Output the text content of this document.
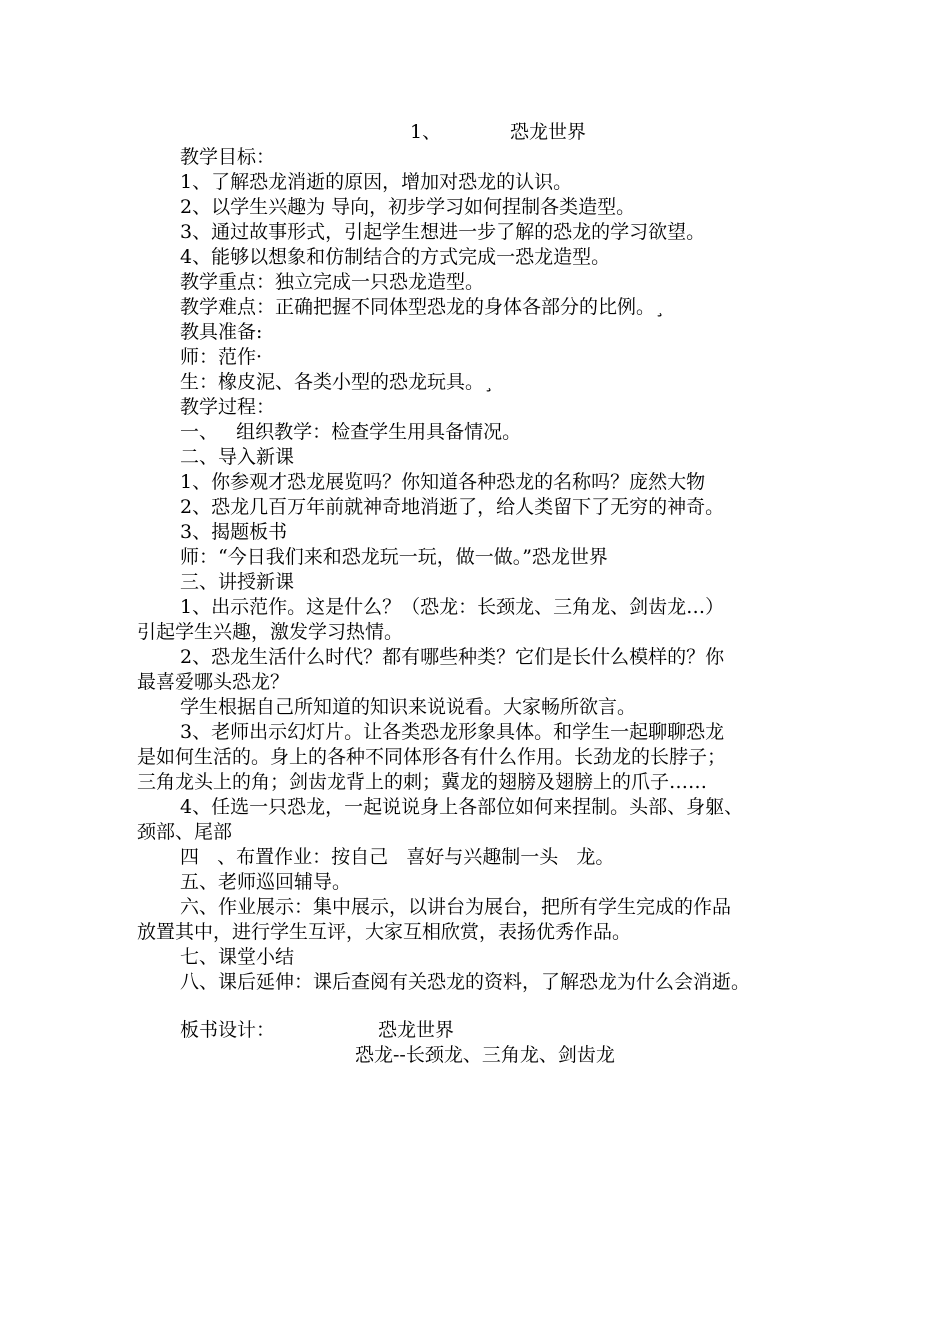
1、	恐龙世界
教学目标：
1、了解恐龙消逝的原因，增加对恐龙的认识。
2、以学生兴趣为 导向，初步学习如何捏制各类造型。
3、通过故事形式，引起学生想进一步了解的恐龙的学习欲望。
4、能够以想象和仿制结合的方式完成一恐龙造型。
教学重点：独立完成一只恐龙造型。
教学难点：正确把握不同体型恐龙的身体各部分的比例。¸
教具准备:
师：范作·
生：橡皮泥、各类小型的恐龙玩具。¸
教学过程：
一、   组织教学：检查学生用具备情况。
二、导入新课
1、你参观才恐龙展览吗？你知道各种恐龙的名称吗？庞然大物
2、恐龙几百万年前就神奇地消逝了，给人类留下了无穷的神奇。
3、揭题板书
师：“今日我们来和恐龙玩一玩，做一做。”恐龙世界
三、讲授新课
1、出示范作。这是什么？（恐龙：长颈龙、三角龙、剑齿龙…）
引起学生兴趣，激发学习热情。
2、恐龙生活什么时代？都有哪些种类？它们是长什么模样的？你
最喜爱哪头恐龙？
学生根据自己所知道的知识来说说看。大家畅所欲言。
3、老师出示幻灯片。让各类恐龙形象具体。和学生一起聊聊恐龙
是如何生活的。身上的各种不同体形各有什么作用。长劲龙的长脖子；
三角龙头上的角；剑齿龙背上的刺；冀龙的翅膀及翅膀上的爪子……
4、任选一只恐龙，一起说说身上各部位如何来捏制。头部、身躯、
颈部、尾部
四   、布置作业：按自己   喜好与兴趣制一头   龙。
五、老师巡回辅导。
六、作业展示：集中展示，以讲台为展台，把所有学生完成的作品
放置其中，进行学生互评，大家互相欣赏，表扬优秀作品。
七、课堂小结
八、课后延伸：课后查阅有关恐龙的资料，了解恐龙为什么会消逝。
板书设计：	恐龙世界
恐龙--长颈龙、三角龙、剑齿龙
